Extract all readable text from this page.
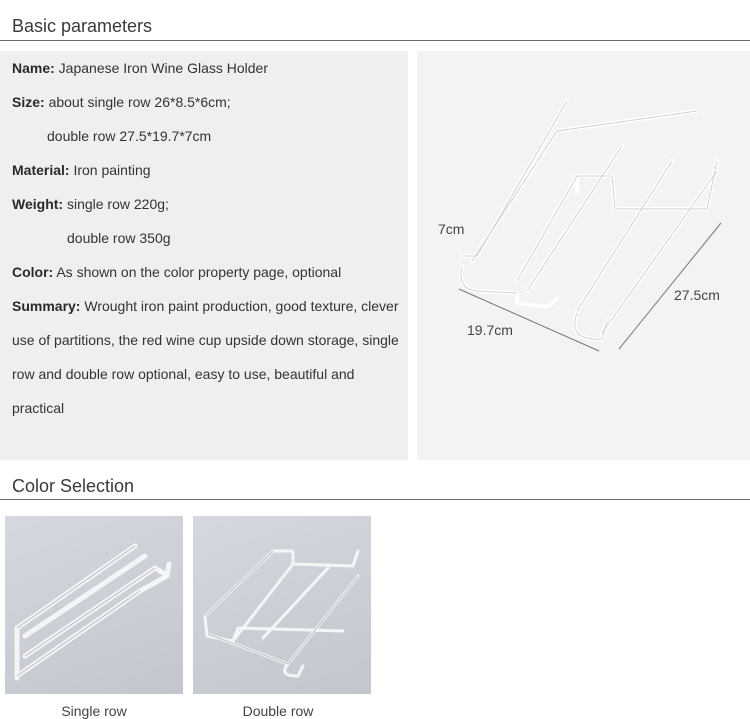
Basic parameters
Name: Japanese Iron Wine Glass Holder
Size: about single row 26*8.5*6cm;
double row 27.5*19.7*7cm
Material: Iron painting
Weight: single row 220g;
double row 350g
Color: As shown on the color property page, optional
Summary: Wrought iron paint production, good texture, clever
use of partitions, the red wine cup upside down storage, single
row and double row optional, easy to use, beautiful and
practical
7cm
19.7cm
27.5cm
Color Selection
Single row	Double row
